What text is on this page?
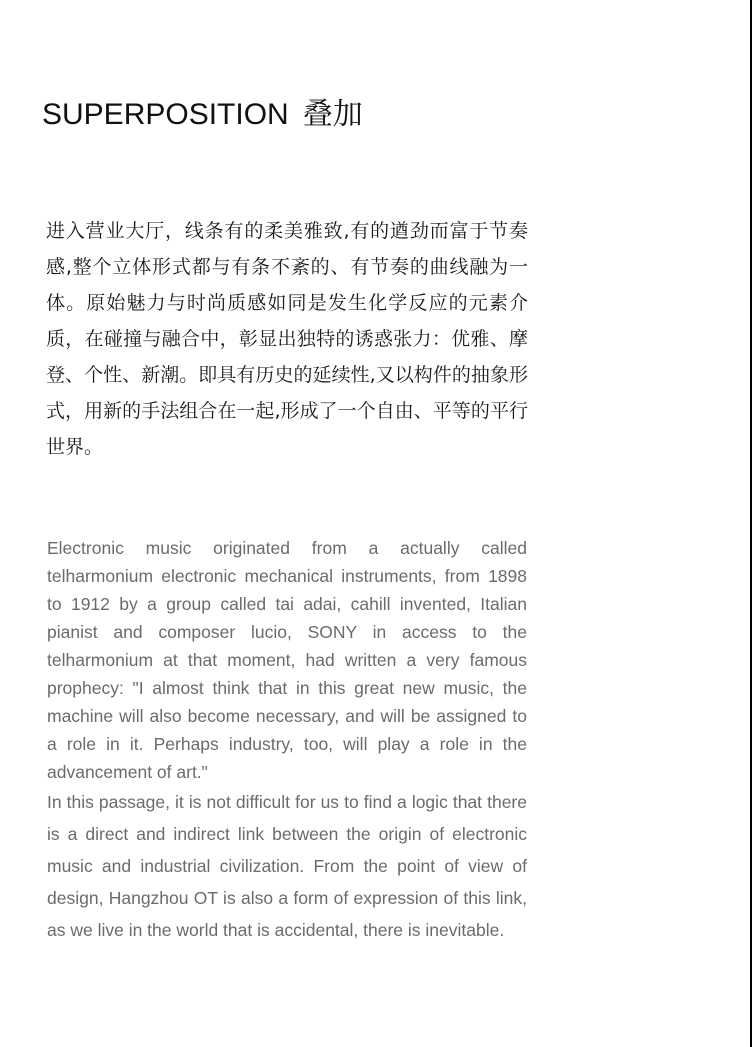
SUPERPOSITION 叠加

进入营业大厅，线条有的柔美雅致,有的遒劲而富于节奏感,整个立体形式都与有条不紊的、有节奏的曲线融为一体。原始魅力与时尚质感如同是发生化学反应的元素介质，在碰撞与融合中，彰显出独特的诱惑张力：优雅、摩登、个性、新潮。即具有历史的延续性,又以构件的抽象形式，用新的手法组合在一起,形成了一个自由、平等的平行世界。

Electronic music originated from a actually called telharmonium electronic mechanical instruments, from 1898 to 1912 by a group called tai adai, cahill invented, Italian pianist and composer lucio, SONY in access to the telharmonium at that moment, had written a very famous prophecy: "I almost think that in this great new music, the machine will also become necessary, and will be assigned to a role in it. Perhaps industry, too, will play a role in the advancement of art."

In this passage, it is not difficult for us to find a logic that there is a direct and indirect link between the origin of electronic music and industrial civilization. From the point of view of design, Hangzhou OT is also a form of expression of this link, as we live in the world that is accidental, there is inevitable.
